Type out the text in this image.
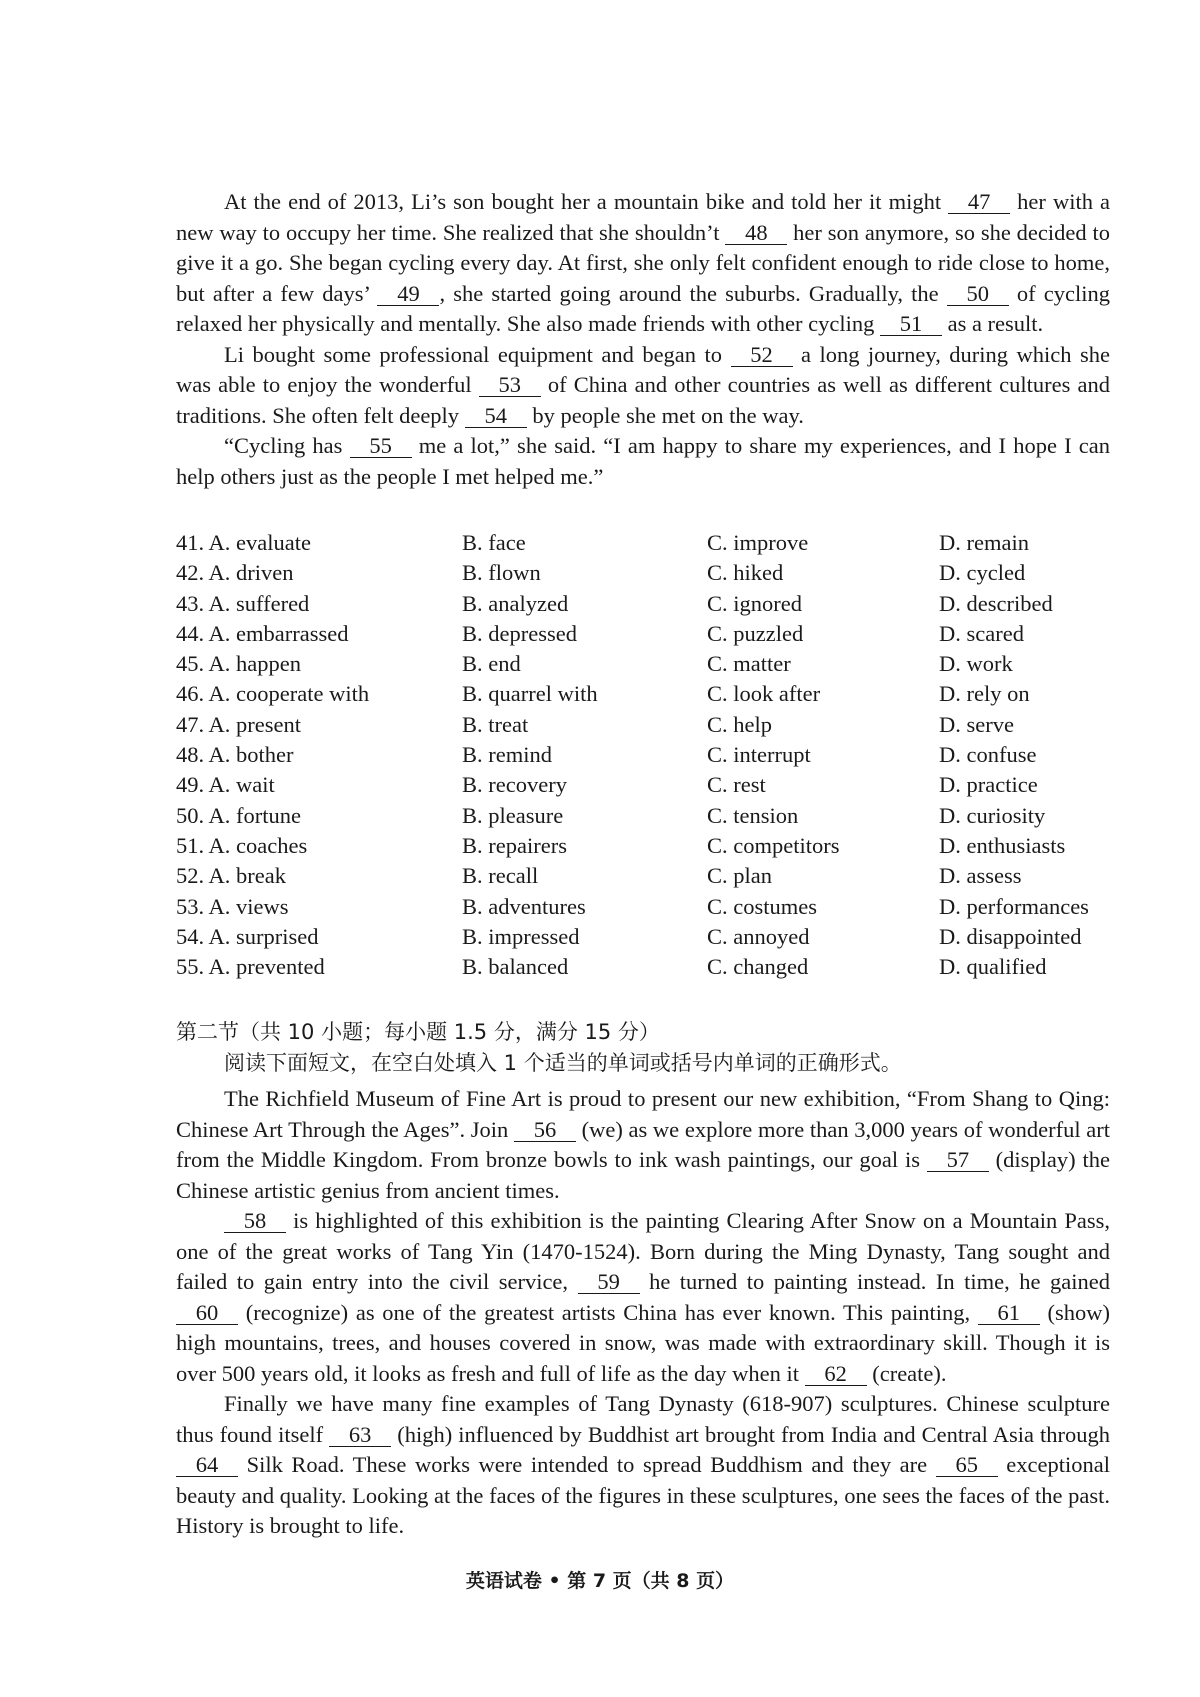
At the end of 2013, Li’s son bought her a mountain bike and told her it might 47 her with a new way to occupy her time. She realized that she shouldn’t 48 her son anymore, so she decided to give it a go. She began cycling every day. At first, she only felt confident enough to ride close to home, but after a few days’ 49 , she started going around the suburbs. Gradually, the 50 of cycling relaxed her physically and mentally. She also made friends with other cycling 51 as a result.

Li bought some professional equipment and began to 52 a long journey, during which she was able to enjoy the wonderful 53 of China and other countries as well as different cultures and traditions. She often felt deeply 54 by people she met on the way.

“Cycling has 55 me a lot,” she said. “I am happy to share my experiences, and I hope I can help others just as the people I met helped me.”

41. A. evaluate	B. face	C. improve	D. remain
42. A. driven	B. flown	C. hiked	D. cycled
43. A. suffered	B. analyzed	C. ignored	D. described
44. A. embarrassed	B. depressed	C. puzzled	D. scared
45. A. happen	B. end	C. matter	D. work
46. A. cooperate with	B. quarrel with	C. look after	D. rely on
47. A. present	B. treat	C. help	D. serve
48. A. bother	B. remind	C. interrupt	D. confuse
49. A. wait	B. recovery	C. rest	D. practice
50. A. fortune	B. pleasure	C. tension	D. curiosity
51. A. coaches	B. repairers	C. competitors	D. enthusiasts
52. A. break	B. recall	C. plan	D. assess
53. A. views	B. adventures	C. costumes	D. performances
54. A. surprised	B. impressed	C. annoyed	D. disappointed
55. A. prevented	B. balanced	C. changed	D. qualified

第二节（共 10 小题；每小题 1.5 分，满分 15 分）

阅读下面短文，在空白处填入 1 个适当的单词或括号内单词的正确形式。

The Richfield Museum of Fine Art is proud to present our new exhibition, “From Shang to Qing: Chinese Art Through the Ages”. Join 56 (we) as we explore more than 3,000 years of wonderful art from the Middle Kingdom. From bronze bowls to ink wash paintings, our goal is 57 (display) the Chinese artistic genius from ancient times.

58 is highlighted of this exhibition is the painting Clearing After Snow on a Mountain Pass, one of the great works of Tang Yin (1470-1524). Born during the Ming Dynasty, Tang sought and failed to gain entry into the civil service, 59 he turned to painting instead. In time, he gained 60 (recognize) as one of the greatest artists China has ever known. This painting, 61 (show) high mountains, trees, and houses covered in snow, was made with extraordinary skill. Though it is over 500 years old, it looks as fresh and full of life as the day when it 62 (create).

Finally we have many fine examples of Tang Dynasty (618-907) sculptures. Chinese sculpture thus found itself 63 (high) influenced by Buddhist art brought from India and Central Asia through 64 Silk Road. These works were intended to spread Buddhism and they are 65 exceptional beauty and quality. Looking at the faces of the figures in these sculptures, one sees the faces of the past. History is brought to life.

英语试卷 • 第 7 页（共 8 页）
